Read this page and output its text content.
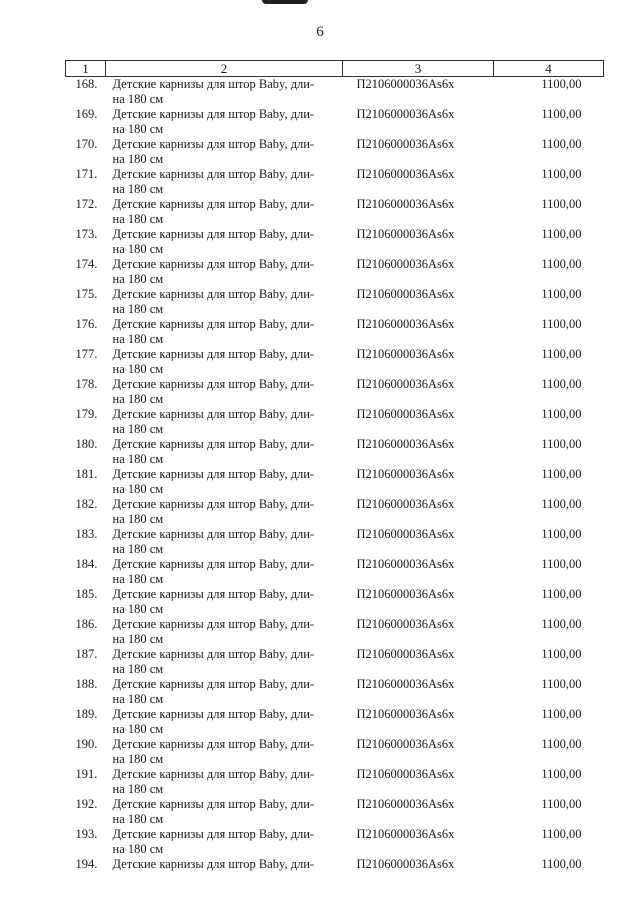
6
1	2	3	4
168.	Детские карнизы для штор Baby, дли-
на 180 см	П2106000036Аs6х	1100,00
169.	Детские карнизы для штор Baby, дли-
на 180 см	П2106000036Аs6х	1100,00
170.	Детские карнизы для штор Baby, дли-
на 180 см	П2106000036Аs6х	1100,00
171.	Детские карнизы для штор Baby, дли-
на 180 см	П2106000036Аs6х	1100,00
172.	Детские карнизы для штор Baby, дли-
на 180 см	П2106000036Аs6х	1100,00
173.	Детские карнизы для штор Baby, дли-
на 180 см	П2106000036Аs6х	1100,00
174.	Детские карнизы для штор Baby, дли-
на 180 см	П2106000036Аs6х	1100,00
175.	Детские карнизы для штор Baby, дли-
на 180 см	П2106000036Аs6х	1100,00
176.	Детские карнизы для штор Baby, дли-
на 180 см	П2106000036Аs6х	1100,00
177.	Детские карнизы для штор Baby, дли-
на 180 см	П2106000036Аs6х	1100,00
178.	Детские карнизы для штор Baby, дли-
на 180 см	П2106000036Аs6х	1100,00
179.	Детские карнизы для штор Baby, дли-
на 180 см	П2106000036Аs6х	1100,00
180.	Детские карнизы для штор Baby, дли-
на 180 см	П2106000036Аs6х	1100,00
181.	Детские карнизы для штор Baby, дли-
на 180 см	П2106000036Аs6х	1100,00
182.	Детские карнизы для штор Baby, дли-
на 180 см	П2106000036Аs6х	1100,00
183.	Детские карнизы для штор Baby, дли-
на 180 см	П2106000036Аs6х	1100,00
184.	Детские карнизы для штор Baby, дли-
на 180 см	П2106000036Аs6х	1100,00
185.	Детские карнизы для штор Baby, дли-
на 180 см	П2106000036Аs6х	1100,00
186.	Детские карнизы для штор Baby, дли-
на 180 см	П2106000036Аs6х	1100,00
187.	Детские карнизы для штор Baby, дли-
на 180 см	П2106000036Аs6х	1100,00
188.	Детские карнизы для штор Baby, дли-
на 180 см	П2106000036Аs6х	1100,00
189.	Детские карнизы для штор Baby, дли-
на 180 см	П2106000036Аs6х	1100,00
190.	Детские карнизы для штор Baby, дли-
на 180 см	П2106000036Аs6х	1100,00
191.	Детские карнизы для штор Baby, дли-
на 180 см	П2106000036Аs6х	1100,00
192.	Детские карнизы для штор Baby, дли-
на 180 см	П2106000036Аs6х	1100,00
193.	Детские карнизы для штор Baby, дли-
на 180 см	П2106000036Аs6х	1100,00
194.	Детские карнизы для штор Baby, дли-	П2106000036Аs6х	1100,00
